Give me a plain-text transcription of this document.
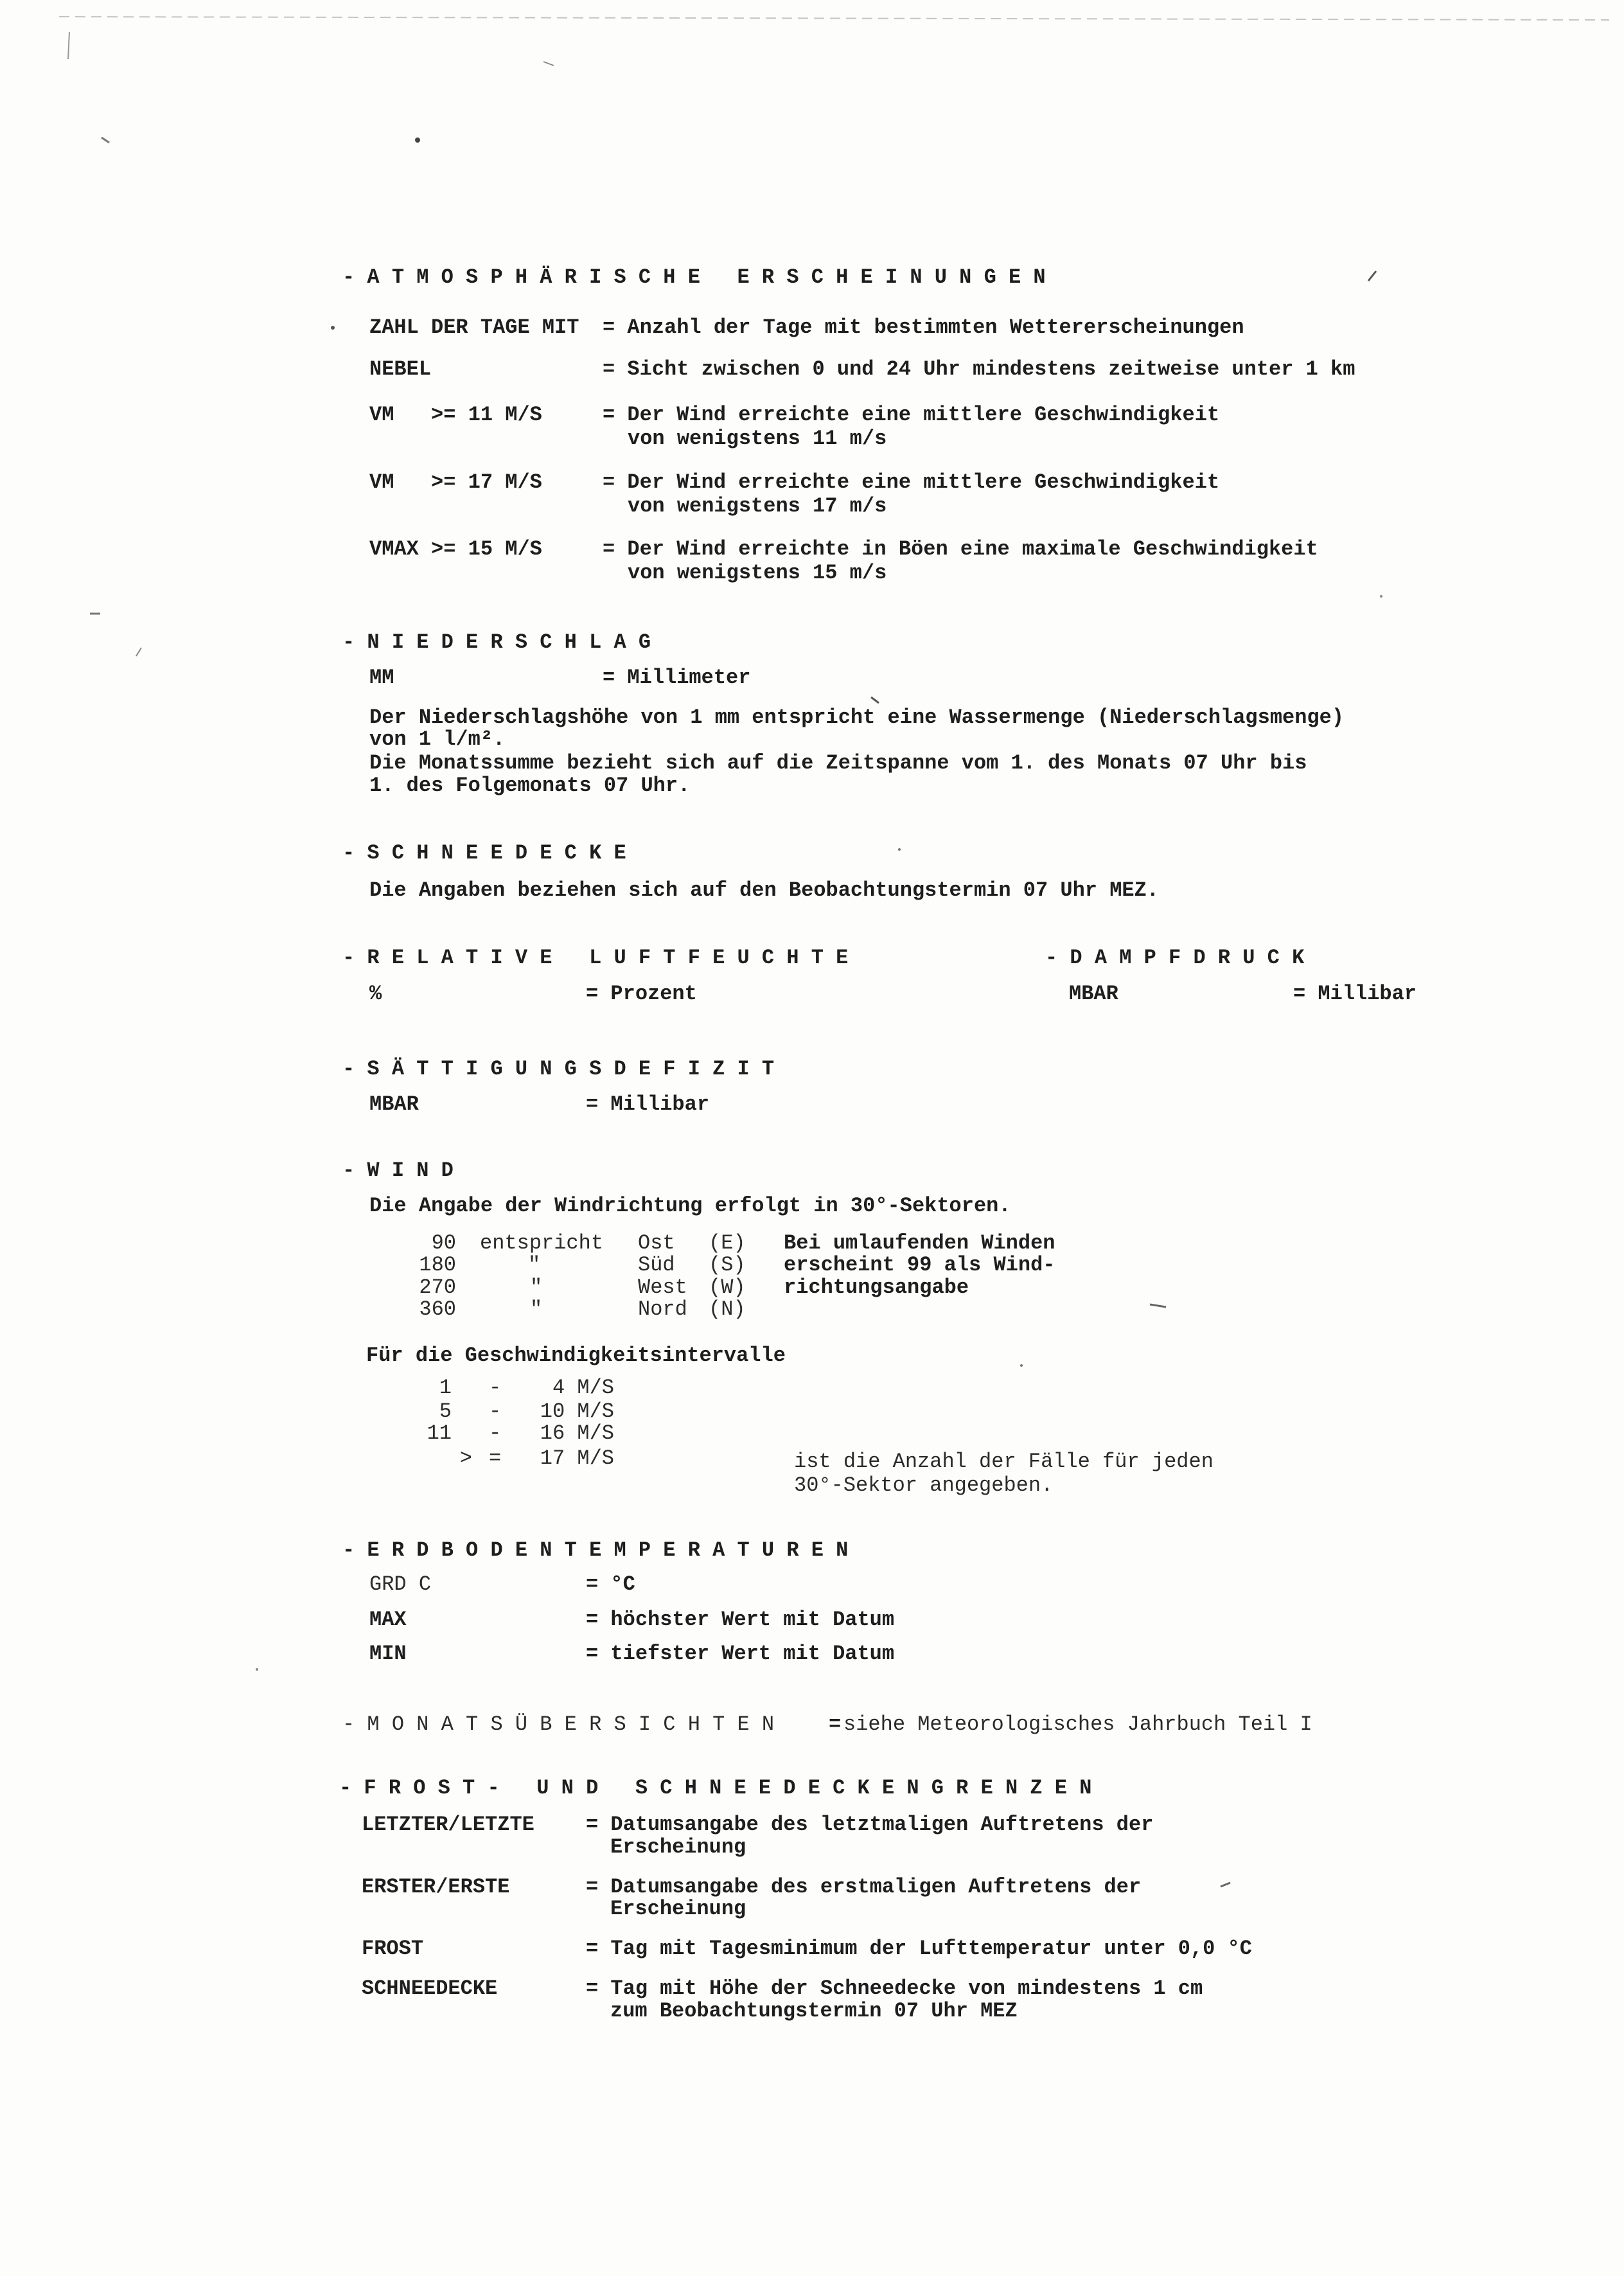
- A T M O S P H Ä R I S C H E   E R S C H E I N U N G E N
ZAHL DER TAGE MIT = Anzahl der Tage mit bestimmten Wettererscheinungen
NEBEL	= Sicht zwischen 0 und 24 Uhr mindestens zeitweise unter 1 km
VM   >= 11 M/S	= Der Wind erreichte eine mittlere Geschwindigkeit
von wenigstens 11 m/s
VM   >= 17 M/S	= Der Wind erreichte eine mittlere Geschwindigkeit
von wenigstens 17 m/s
VMAX >= 15 M/S	= Der Wind erreichte in Böen eine maximale Geschwindigkeit
von wenigstens 15 m/s
- N I E D E R S C H L A G
MM	= Millimeter
Der Niederschlagshöhe von 1 mm entspricht eine Wassermenge (Niederschlagsmenge)
von 1 l/m².
Die Monatssumme bezieht sich auf die Zeitspanne vom 1. des Monats 07 Uhr bis
1. des Folgemonats 07 Uhr.
- S C H N E E D E C K E
Die Angaben beziehen sich auf den Beobachtungstermin 07 Uhr MEZ.
- R E L A T I V E   L U F T F E U C H T E	- D A M P F D R U C K
%	= Prozent	MBAR	= Millibar
- S Ä T T I G U N G S D E F I Z I T
MBAR	= Millibar
- W I N D
Die Angabe der Windrichtung erfolgt in 30°-Sektoren.
90 entspricht Ost (E)
180	"	Süd (S)
270	"	West (W)
360	"	Nord (N)
Bei umlaufenden Winden
erscheint 99 als Wind-
richtungsangabe
Für die Geschwindigkeitsintervalle
1 -	4 M/S
5 -	10 M/S
11 -	16 M/S
> =	17 M/S	ist die Anzahl der Fälle für jeden
30°-Sektor angegeben.
- E R D B O D E N T E M P E R A T U R E N
GRD C	= °C
MAX	= höchster Wert mit Datum
MIN	= tiefster Wert mit Datum
- M O N A T S Ü B E R S I C H T E N	= siehe Meteorologisches Jahrbuch Teil I
- F R O S T -   U N D   S C H N E E D E C K E N G R E N Z E N
LETZTER/LETZTE	= Datumsangabe des letztmaligen Auftretens der
Erscheinung
ERSTER/ERSTE	= Datumsangabe des erstmaligen Auftretens der
Erscheinung
FROST	= Tag mit Tagesminimum der Lufttemperatur unter 0,0 °C
SCHNEEDECKE	= Tag mit Höhe der Schneedecke von mindestens 1 cm
zum Beobachtungstermin 07 Uhr MEZ
